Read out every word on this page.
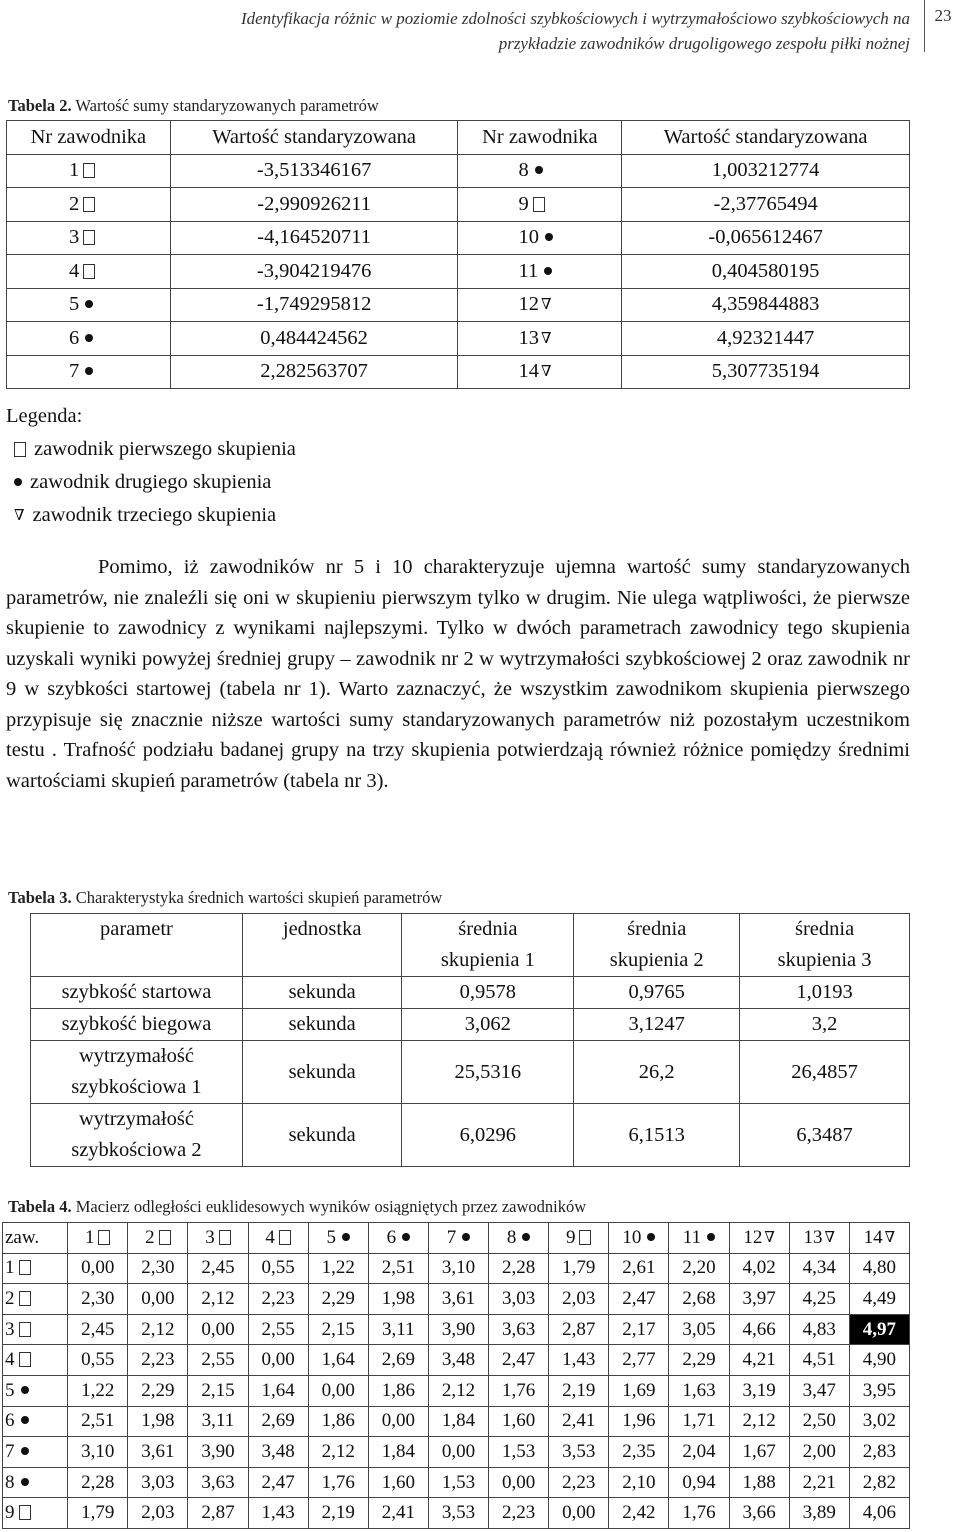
Identyfikacja różnic w poziomie zdolności szybkościowych i wytrzymałościowo szybkościowych na
przykładzie zawodników drugoligowego zespołu piłki nożnej
23
Tabela 2. Wartość sumy standaryzowanych parametrów
Nr zawodnika	Wartość standaryzowana	Nr zawodnika	Wartość standaryzowana
1	-3,513346167	8	1,003212774
2	-2,990926211	9	-2,37765494
3	-4,164520711	10	-0,065612467
4	-3,904219476	11	0,404580195
5	-1,749295812	12 ∇	4,359844883
6	0,484424562	13 ∇	4,92321447
7	2,282563707	14 ∇	5,307735194
Legenda:
zawodnik pierwszego skupienia
zawodnik drugiego skupienia
∇ zawodnik trzeciego skupienia
Pomimo, iż zawodników nr 5 i 10 charakteryzuje ujemna wartość sumy standaryzowanych parametrów, nie znaleźli się oni w skupieniu pierwszym tylko w drugim. Nie ulega wątpliwości, że pierwsze skupienie to zawodnicy z wynikami najlepszymi. Tylko w dwóch parametrach zawodnicy tego skupienia uzyskali wyniki powyżej średniej grupy – zawodnik nr 2 w wytrzymałości szybkościowej 2 oraz zawodnik nr 9 w szybkości startowej (tabela nr 1). Warto zaznaczyć, że wszystkim zawodnikom skupienia pierwszego przypisuje się znacznie niższe wartości sumy standaryzowanych parametrów niż pozostałym uczestnikom testu . Trafność podziału badanej grupy na trzy skupienia potwierdzają również różnice pomiędzy średnimi wartościami skupień parametrów (tabela nr 3).
Tabela 3. Charakterystyka średnich wartości skupień parametrów
parametr	jednostka	średnia skupienia 1	średnia skupienia 2	średnia skupienia 3
szybkość startowa	sekunda	0,9578	0,9765	1,0193
szybkość biegowa	sekunda	3,062	3,1247	3,2
wytrzymałość szybkościowa 1	sekunda	25,5316	26,2	26,4857
wytrzymałość szybkościowa 2	sekunda	6,0296	6,1513	6,3487
Tabela 4. Macierz odległości euklidesowych wyników osiągniętych przez zawodników
zaw.	1	2	3	4	5	6	7	8	9	10	11	12 ∇	13 ∇	14 ∇
1	0,00	2,30	2,45	0,55	1,22	2,51	3,10	2,28	1,79	2,61	2,20	4,02	4,34	4,80
2	2,30	0,00	2,12	2,23	2,29	1,98	3,61	3,03	2,03	2,47	2,68	3,97	4,25	4,49
3	2,45	2,12	0,00	2,55	2,15	3,11	3,90	3,63	2,87	2,17	3,05	4,66	4,83	4,97
4	0,55	2,23	2,55	0,00	1,64	2,69	3,48	2,47	1,43	2,77	2,29	4,21	4,51	4,90
5	1,22	2,29	2,15	1,64	0,00	1,86	2,12	1,76	2,19	1,69	1,63	3,19	3,47	3,95
6	2,51	1,98	3,11	2,69	1,86	0,00	1,84	1,60	2,41	1,96	1,71	2,12	2,50	3,02
7	3,10	3,61	3,90	3,48	2,12	1,84	0,00	1,53	3,53	2,35	2,04	1,67	2,00	2,83
8	2,28	3,03	3,63	2,47	1,76	1,60	1,53	0,00	2,23	2,10	0,94	1,88	2,21	2,82
9	1,79	2,03	2,87	1,43	2,19	2,41	3,53	2,23	0,00	2,42	1,76	3,66	3,89	4,06
